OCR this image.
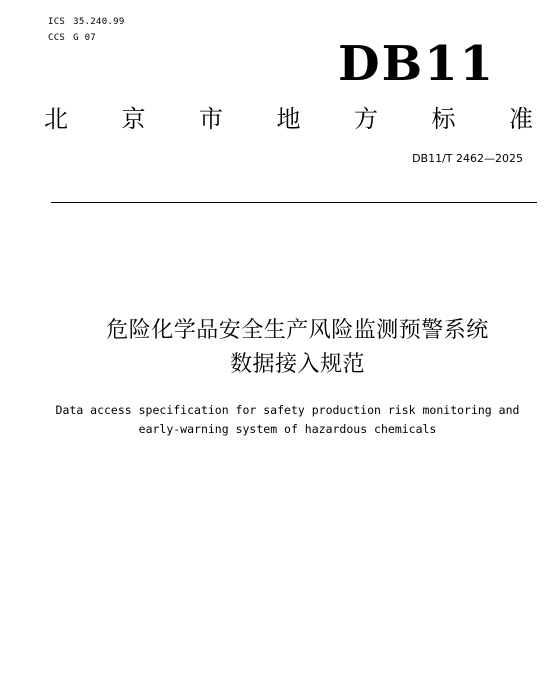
ICS 35.240.99
CCS G 07	DB11
北 京 市 地 方 标 准
DB11/T 2462—2025
危险化学品安全生产风险监测预警系统
数据接入规范
Data access specification for safety production risk monitoring and
early-warning system of hazardous chemicals
